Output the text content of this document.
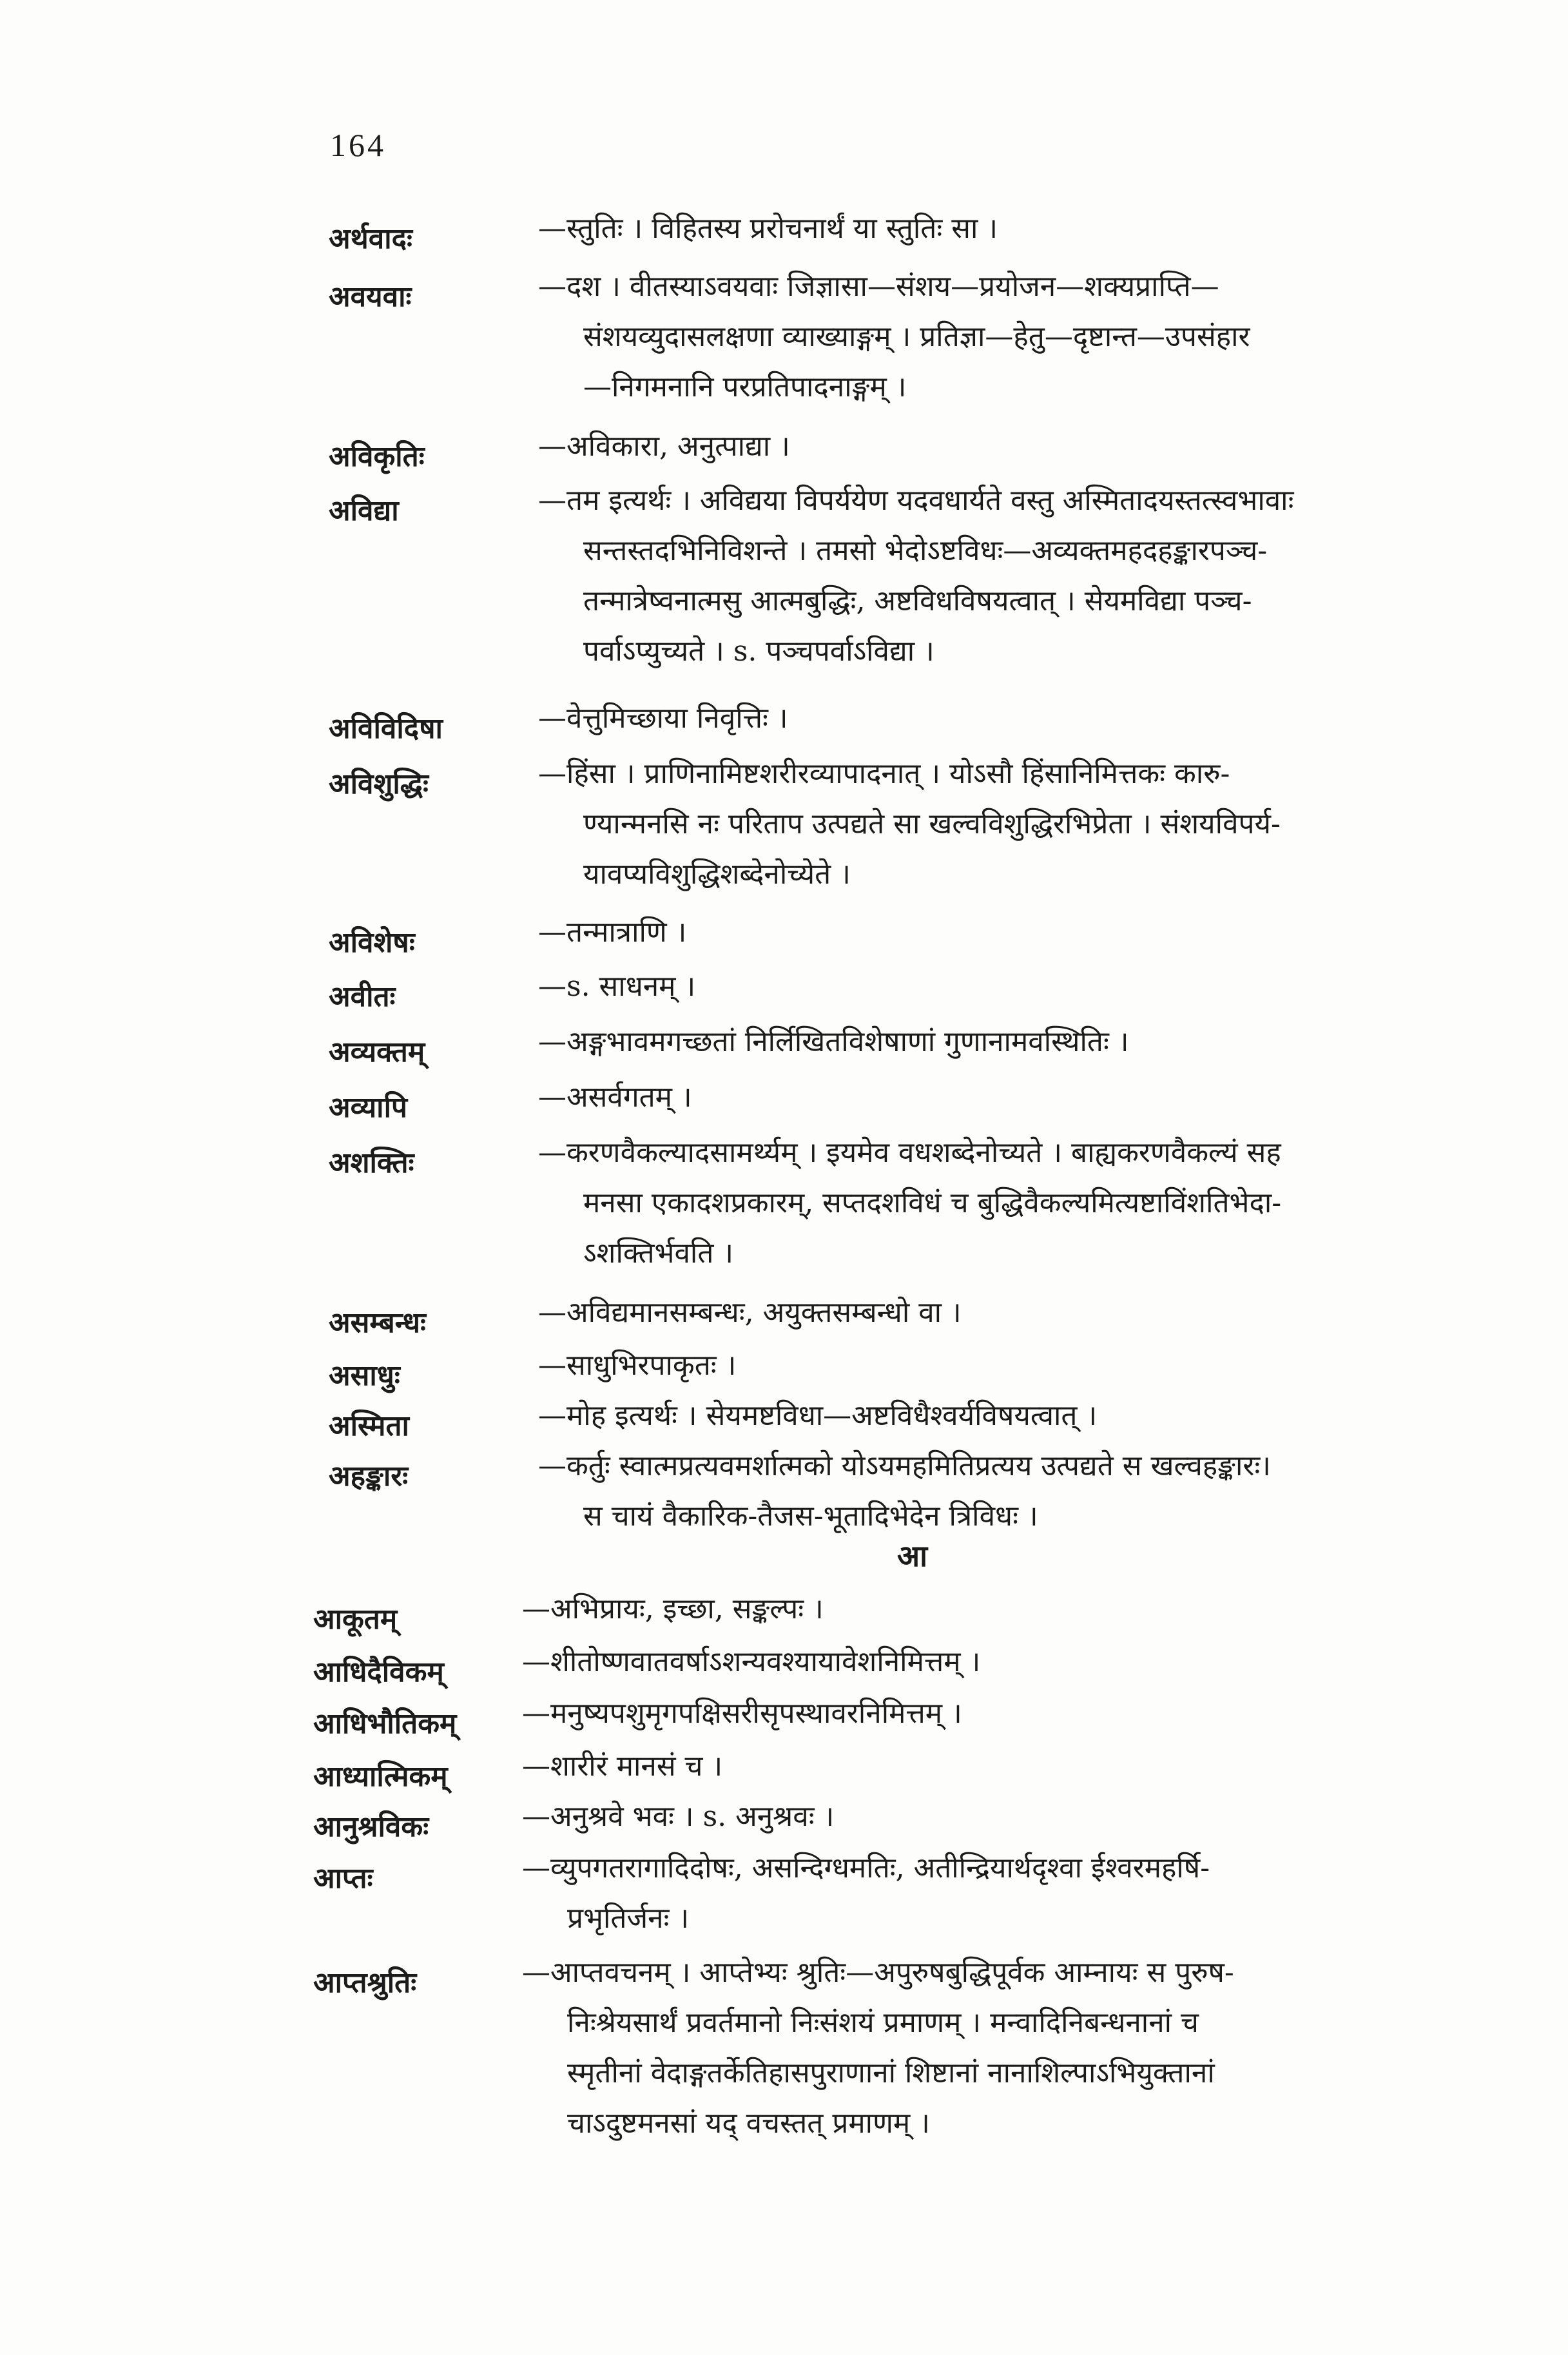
164
अर्थवादः	—स्तुतिः । विहितस्य प्ररोचनार्थं या स्तुतिः सा ।
अवयवाः	—दश । वीतस्याऽवयवाः जिज्ञासा—संशय—प्रयोजन—शक्यप्राप्ति—
संशयव्युदासलक्षणा व्याख्याङ्गम् । प्रतिज्ञा—हेतु—दृष्टान्त—उपसंहार
—निगमनानि परप्रतिपादनाङ्गम् ।
अविकृतिः	—अविकारा, अनुत्पाद्या ।
अविद्या	—तम इत्यर्थः । अविद्यया विपर्ययेण यदवधार्यते वस्तु अस्मितादयस्तत्स्वभावाः
सन्तस्तदभिनिविशन्ते । तमसो भेदोऽष्टविधः—अव्यक्तमहदहङ्कारपञ्च-
तन्मात्रेष्वनात्मसु आत्मबुद्धिः, अष्टविधविषयत्वात् । सेयमविद्या पञ्च-
पर्वाऽप्युच्यते । s. पञ्चपर्वाऽविद्या ।
अविविदिषा	—वेत्तुमिच्छाया निवृत्तिः ।
अविशुद्धिः	—हिंसा । प्राणिनामिष्टशरीरव्यापादनात् । योऽसौ हिंसानिमित्तकः कारु-
ण्यान्मनसि नः परिताप उत्पद्यते सा खल्वविशुद्धिरभिप्रेता । संशयविपर्य-
यावप्यविशुद्धिशब्देनोच्येते ।
अविशेषः	—तन्मात्राणि ।
अवीतः	—s. साधनम् ।
अव्यक्तम्	—अङ्गभावमगच्छतां निर्लिखितविशेषाणां गुणानामवस्थितिः ।
अव्यापि	—असर्वगतम् ।
अशक्तिः	—करणवैकल्यादसामर्थ्यम् । इयमेव वधशब्देनोच्यते । बाह्यकरणवैकल्यं सह
मनसा एकादशप्रकारम्, सप्तदशविधं च बुद्धिवैकल्यमित्यष्टाविंशतिभेदा-
ऽशक्तिर्भवति ।
असम्बन्धः	—अविद्यमानसम्बन्धः, अयुक्तसम्बन्धो वा ।
असाधुः	—साधुभिरपाकृतः ।
अस्मिता	—मोह इत्यर्थः । सेयमष्टविधा—अष्टविधैश्वर्यविषयत्वात् ।
अहङ्कारः	—कर्तुः स्वात्मप्रत्यवमर्शात्मको योऽयमहमितिप्रत्यय उत्पद्यते स खल्वहङ्कारः।
स चायं वैकारिक-तैजस-भूतादिभेदेन त्रिविधः ।
आ
आकूतम्	—अभिप्रायः, इच्छा, सङ्कल्पः ।
आधिदैविकम्	—शीतोष्णवातवर्षाऽशन्यवश्यायावेशनिमित्तम् ।
आधिभौतिकम् —मनुष्यपशुमृगपक्षिसरीसृपस्थावरनिमित्तम् ।
आध्यात्मिकम्	—शारीरं मानसं च ।
आनुश्रविकः	—अनुश्रवे भवः । s. अनुश्रवः ।
आप्तः	—व्युपगतरागादिदोषः, असन्दिग्धमतिः, अतीन्द्रियार्थदृश्वा ईश्वरमहर्षि-
प्रभृतिर्जनः ।
आप्तश्रुतिः	—आप्तवचनम् । आप्तेभ्यः श्रुतिः—अपुरुषबुद्धिपूर्वक आम्नायः स पुरुष-
निःश्रेयसार्थं प्रवर्तमानो निःसंशयं प्रमाणम् । मन्वादिनिबन्धनानां च
स्मृतीनां वेदाङ्गतर्केतिहासपुराणानां शिष्टानां नानाशिल्पाऽभियुक्तानां
चाऽदुष्टमनसां यद् वचस्तत् प्रमाणम् ।
